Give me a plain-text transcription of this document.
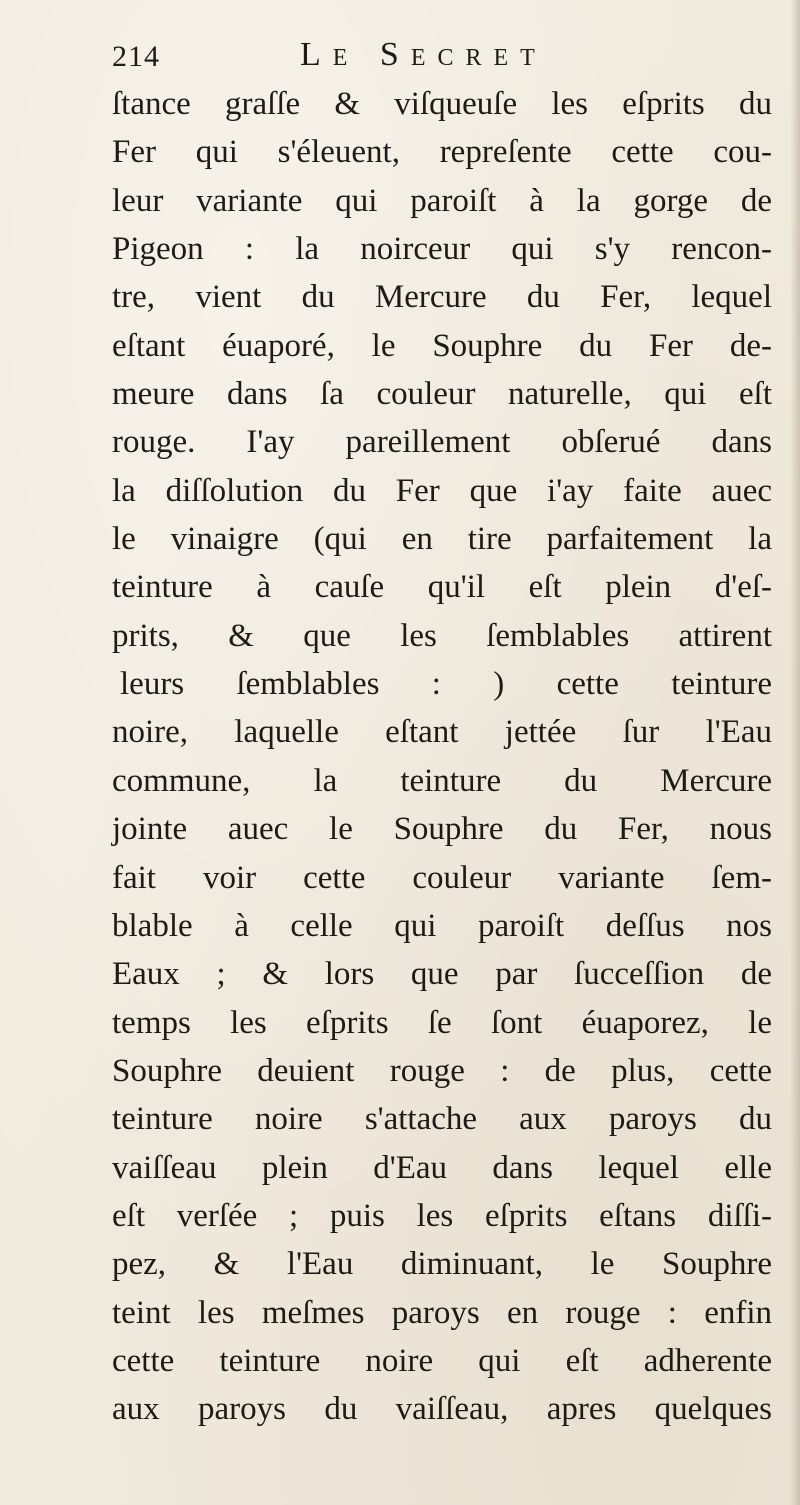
214	Le Secret
ſtance graſſe & viſqueuſe les eſprits du
Fer qui s'éleuent, repreſente cette cou-
leur variante qui paroiſt à la gorge de
Pigeon : la noirceur qui s'y rencon-
tre, vient du Mercure du Fer, lequel
eſtant éuaporé, le Souphre du Fer de-
meure dans ſa couleur naturelle, qui eſt
rouge. I'ay pareillement obſerué dans
la diſſolution du Fer que i'ay faite auec
le vinaigre (qui en tire parfaitement la
teinture à cauſe qu'il eſt plein d'eſ-
prits, & que les ſemblables attirent
leurs ſemblables : ) cette teinture
noire, laquelle eſtant jettée ſur l'Eau
commune, la teinture du Mercure
jointe auec le Souphre du Fer, nous
fait voir cette couleur variante ſem-
blable à celle qui paroiſt deſſus nos
Eaux ; & lors que par ſucceſſion de
temps les eſprits ſe ſont éuaporez, le
Souphre deuient rouge : de plus, cette
teinture noire s'attache aux paroys du
vaiſſeau plein d'Eau dans lequel elle
eſt verſée ; puis les eſprits eſtans diſſi-
pez, & l'Eau diminuant, le Souphre
teint les meſmes paroys en rouge : enfin
cette teinture noire qui eſt adherente
aux paroys du vaiſſeau, apres quelques
